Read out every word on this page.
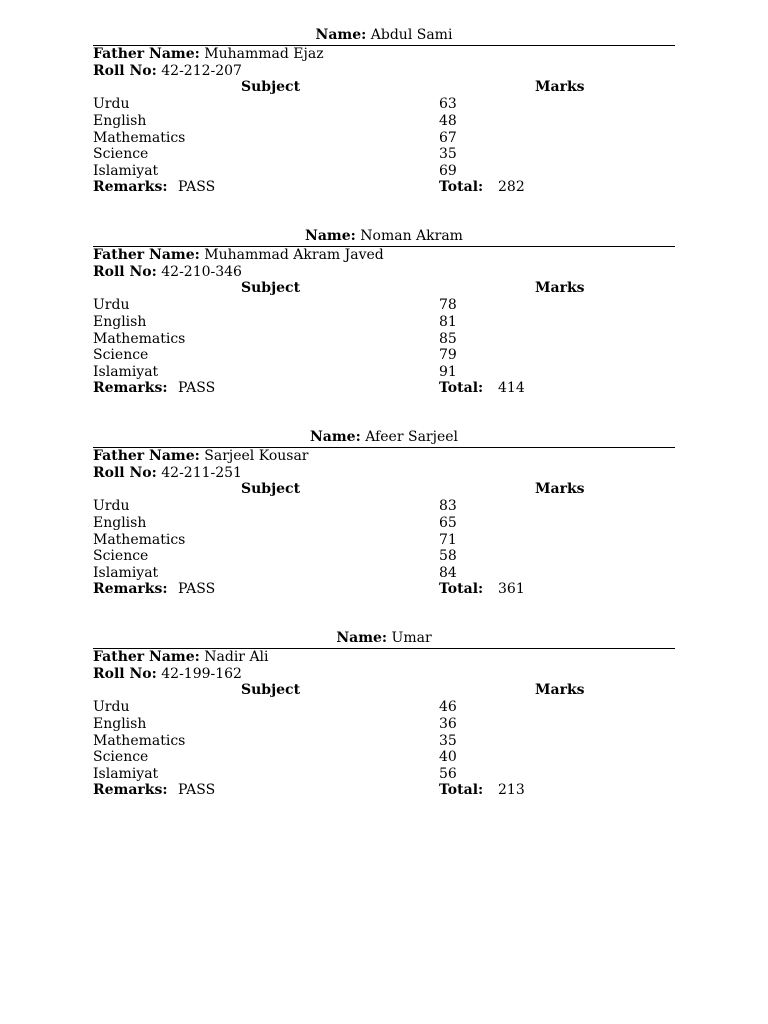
Name: Abdul Sami
Father Name: Muhammad Ejaz
Roll No: 42-212-207
Subject	Marks
Urdu	63
English	48
Mathematics	67
Science	35
Islamiyat	69
Remarks: PASS	Total: 282
Name: Noman Akram
Father Name: Muhammad Akram Javed
Roll No: 42-210-346
Subject	Marks
Urdu	78
English	81
Mathematics	85
Science	79
Islamiyat	91
Remarks: PASS	Total: 414
Name: Afeer Sarjeel
Father Name: Sarjeel Kousar
Roll No: 42-211-251
Subject	Marks
Urdu	83
English	65
Mathematics	71
Science	58
Islamiyat	84
Remarks: PASS	Total: 361
Name: Umar
Father Name: Nadir Ali
Roll No: 42-199-162
Subject	Marks
Urdu	46
English	36
Mathematics	35
Science	40
Islamiyat	56
Remarks: PASS	Total: 213
